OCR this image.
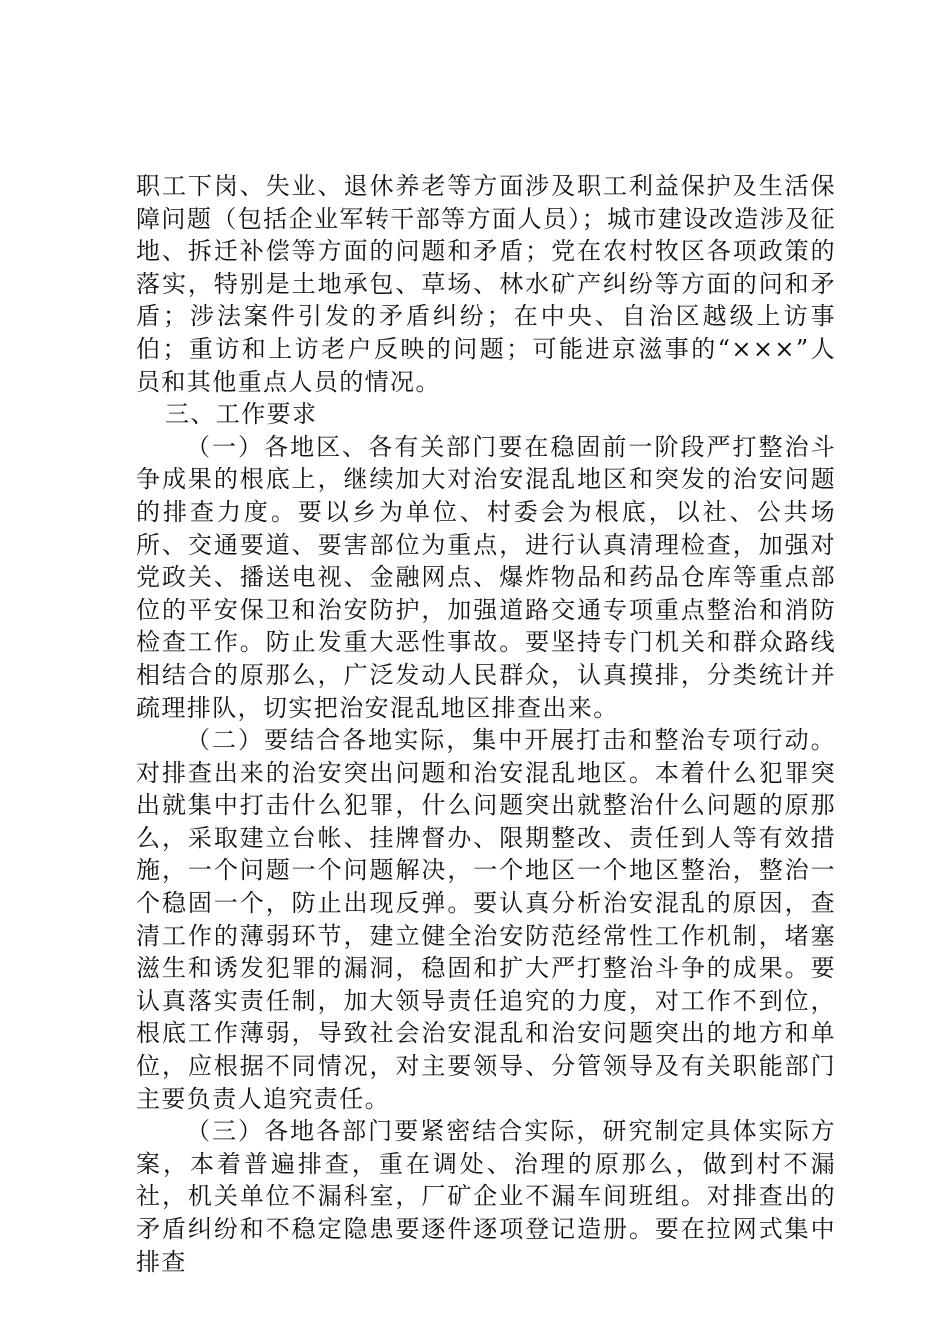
职工下岗、失业、退休养老等方面涉及职工利益保护及生活保障问题（包括企业军转干部等方面人员）；城市建设改造涉及征地、拆迁补偿等方面的问题和矛盾；党在农村牧区各项政策的落实，特别是土地承包、草场、林水矿产纠纷等方面的问和矛盾；涉法案件引发的矛盾纠纷；在中央、自治区越级上访事伯；重访和上访老户反映的问题；可能进京滋事的“×××”人员和其他重点人员的情况。

三、工作要求

（一）各地区、各有关部门要在稳固前一阶段严打整治斗争成果的根底上，继续加大对治安混乱地区和突发的治安问题的排查力度。要以乡为单位、村委会为根底，以社、公共场所、交通要道、要害部位为重点，进行认真清理检查，加强对党政关、播送电视、金融网点、爆炸物品和药品仓库等重点部位的平安保卫和治安防护，加强道路交通专项重点整治和消防检查工作。防止发重大恶性事故。要坚持专门机关和群众路线相结合的原那么，广泛发动人民群众，认真摸排，分类统计并疏理排队，切实把治安混乱地区排查出来。

（二）要结合各地实际，集中开展打击和整治专项行动。对排查出来的治安突出问题和治安混乱地区。本着什么犯罪突出就集中打击什么犯罪，什么问题突出就整治什么问题的原那么，采取建立台帐、挂牌督办、限期整改、责任到人等有效措施，一个问题一个问题解决，一个地区一个地区整治，整治一个稳固一个，防止出现反弹。要认真分析治安混乱的原因，查清工作的薄弱环节，建立健全治安防范经常性工作机制，堵塞滋生和诱发犯罪的漏洞，稳固和扩大严打整治斗争的成果。要认真落实责任制，加大领导责任追究的力度，对工作不到位，根底工作薄弱，导致社会治安混乱和治安问题突出的地方和单位，应根据不同情况，对主要领导、分管领导及有关职能部门主要负责人追究责任。

（三）各地各部门要紧密结合实际，研究制定具体实际方案，本着普遍排查，重在调处、治理的原那么，做到村不漏社，机关单位不漏科室，厂矿企业不漏车间班组。对排查出的矛盾纠纷和不稳定隐患要逐件逐项登记造册。要在拉网式集中排查
